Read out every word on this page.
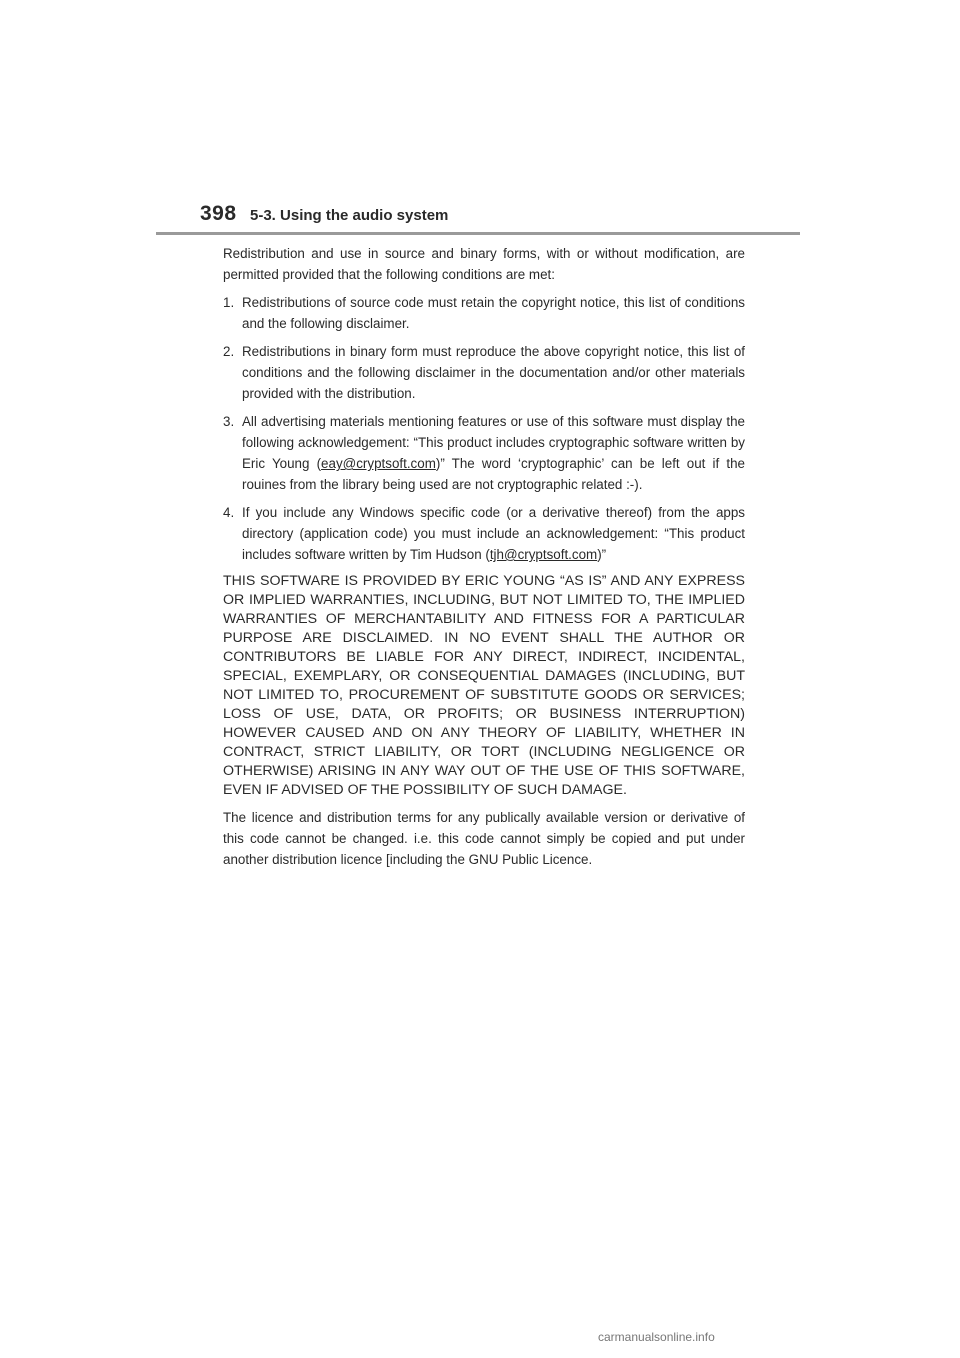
398 5-3. Using the audio system

Redistribution and use in source and binary forms, with or without modification, are permitted provided that the following conditions are met:

1. Redistributions of source code must retain the copyright notice, this list of conditions and the following disclaimer.
2. Redistributions in binary form must reproduce the above copyright notice, this list of conditions and the following disclaimer in the documentation and/or other materials provided with the distribution.
3. All advertising materials mentioning features or use of this software must display the following acknowledgement: “This product includes cryptographic software written by Eric Young (eay@cryptsoft.com)” The word ‘cryptographic’ can be left out if the rouines from the library being used are not cryptographic related :-).
4. If you include any Windows specific code (or a derivative thereof) from the apps directory (application code) you must include an acknowledgement: “This product includes software written by Tim Hudson (tjh@cryptsoft.com)”

THIS SOFTWARE IS PROVIDED BY ERIC YOUNG “AS IS” AND ANY EXPRESS OR IMPLIED WARRANTIES, INCLUDING, BUT NOT LIMITED TO, THE IMPLIED WARRANTIES OF MERCHANTABILITY AND FITNESS FOR A PARTICULAR PURPOSE ARE DISCLAIMED. IN NO EVENT SHALL THE AUTHOR OR CONTRIBUTORS BE LIABLE FOR ANY DIRECT, INDIRECT, INCIDENTAL, SPECIAL, EXEMPLARY, OR CONSEQUENTIAL DAMAGES (INCLUDING, BUT NOT LIMITED TO, PROCUREMENT OF SUBSTITUTE GOODS OR SERVICES; LOSS OF USE, DATA, OR PROFITS; OR BUSINESS INTERRUPTION) HOWEVER CAUSED AND ON ANY THEORY OF LIABILITY, WHETHER IN CONTRACT, STRICT LIABILITY, OR TORT (INCLUDING NEGLIGENCE OR OTHERWISE) ARISING IN ANY WAY OUT OF THE USE OF THIS SOFTWARE, EVEN IF ADVISED OF THE POSSIBILITY OF SUCH DAMAGE.

The licence and distribution terms for any publically available version or derivative of this code cannot be changed. i.e. this code cannot simply be copied and put under another distribution licence [including the GNU Public Licence.

carmanualsonline.info
